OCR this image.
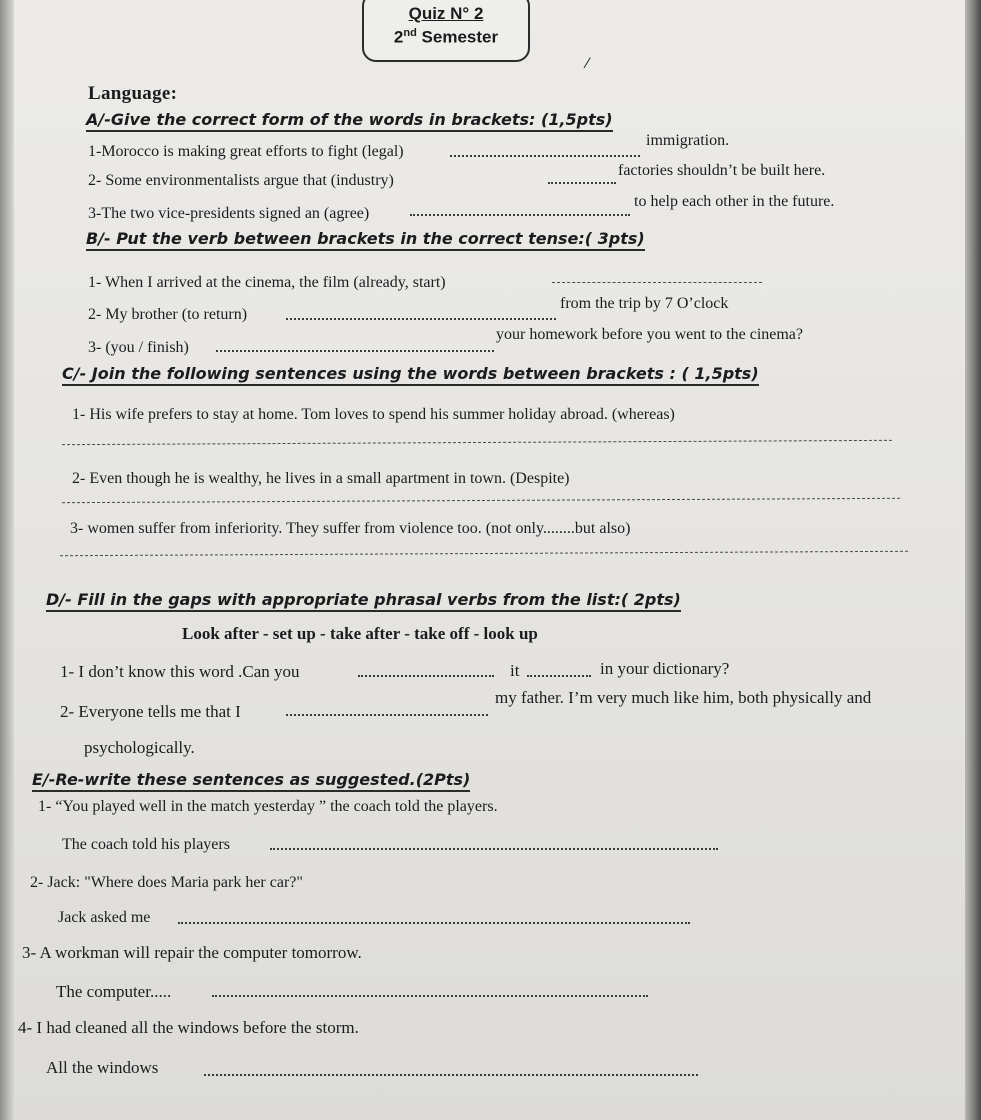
Quiz N° 2
2nd Semester
⁄
Language:
A/-Give the correct form of the words in brackets: (1,5pts)
1-Morocco is making great efforts to fight (legal)
immigration.
2- Some environmentalists argue that (industry)
factories shouldn’t be built here.
3-The two vice-presidents signed an (agree)
to help each other in the future.
B/- Put the verb between brackets in the correct tense:( 3pts)
1- When I arrived at the cinema, the film (already, start)
2- My brother (to return)
from the trip by 7 O’clock
3- (you / finish)
your homework before you went to the cinema?
C/- Join the following sentences using the words between brackets : ( 1,5pts)
1- His wife prefers to stay at home. Tom loves to spend his summer holiday abroad. (whereas)
2- Even though he is wealthy, he lives in a small apartment in town. (Despite)
3- women suffer from inferiority. They suffer from violence too. (not only........but also)
D/- Fill in the gaps with appropriate phrasal verbs from the list:( 2pts)
Look after - set up - take after - take off - look up
1- I don’t know this word .Can you	it	in your dictionary?
2- Everyone tells me that I
my father. I’m very much like him, both physically and
psychologically.
E/-Re-write these sentences as suggested.(2Pts)
1- “You played well in the match yesterday ” the coach told the players.
The coach told his players
2- Jack: "Where does Maria park her car?"
Jack asked me
3- A workman will repair the computer tomorrow.
The computer.....
4- I had cleaned all the windows before the storm.
All the windows
